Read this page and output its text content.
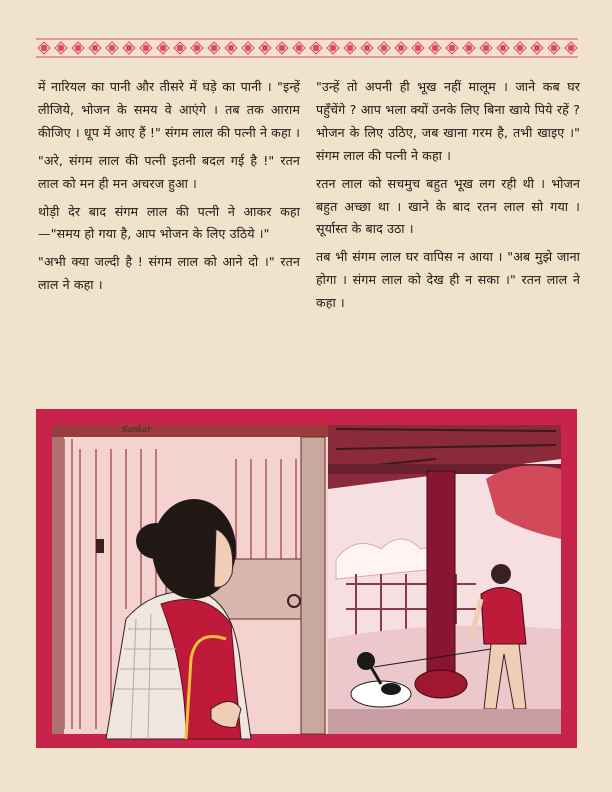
में नारियल का पानी और तीसरे में घड़े का पानी । "इन्हें लीजिये, भोजन के समय वे आएंगे । तब तक आराम कीजिए । धूप में आए हैं !" संगम लाल की पत्नी ने कहा ।

"अरे, संगम लाल की पत्नी इतनी बदल गई है !" रतन लाल को मन ही मन अचरज हुआ ।

थोड़ी देर बाद संगम लाल की पत्नी ने आकर कहा—"समय हो गया है, आप भोजन के लिए उठिये ।"

"अभी क्या जल्दी है ! संगम लाल को आने दो ।" रतन लाल ने कहा ।

"उन्हें तो अपनी ही भूख नहीं मालूम । जाने कब घर पहुँचेंगे ? आप भला क्यों उनके लिए बिना खाये पिये रहें ? भोजन के लिए उठिए, जब खाना गरम है, तभी खाइए ।" संगम लाल की पत्नी ने कहा ।

रतन लाल को सचमुच बहुत भूख लग रही थी । भोजन बहुत अच्छा था । खाने के बाद रतन लाल सो गया । सूर्यास्त के बाद उठा ।

तब भी संगम लाल घर वापिस न आया । "अब मुझे जाना होगा । संगम लाल को देख ही न सका ।" रतन लाल ने कहा ।

Sankar
